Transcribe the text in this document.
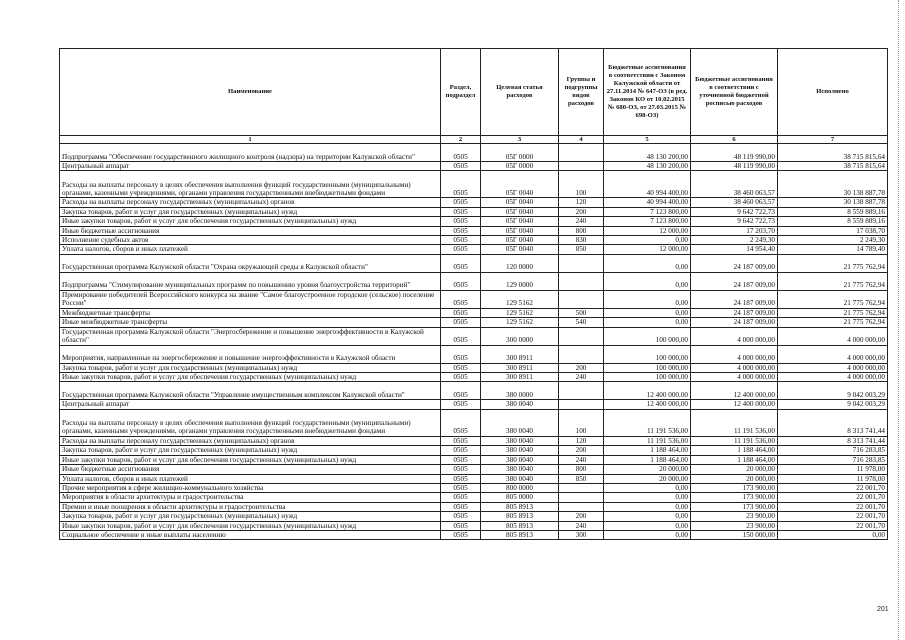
Наименование	Раздел, подраздел	Целевая статья расходов	Группы и подгруппы видов расходов	Бюджетные ассигнования в соответствии с Законом Калужской области от 27.11.2014 № 647-ОЗ (в ред. Законов КО от 10.02.2015 № 680-ОЗ, от 27.03.2015 № 698-ОЗ)	Бюджетные ассигнования в соответствии с уточненной бюджетной росписью расходов	Исполнено
1	2	3	4	5	6	7
Подпрограмма "Обеспечение государственного жилищного контроля (надзора) на территории Калужской области"	0505	05Г 0000		48 130 200,00	48 119 990,00	38 715 815,64
Центральный аппарат	0505	05Г 0000		48 130 200,00	48 119 990,00	38 715 815,64
Расходы на выплаты персоналу в целях обеспечения выполнения функций государственными (муниципальными) органами, казенными учреждениями, органами управления государственными внебюджетными фондами	0505	05Г 0040	100	40 994 400,00	38 460 063,57	30 138 887,78
Расходы на выплаты персоналу государственных (муниципальных) органов	0505	05Г 0040	120	40 994 400,00	38 460 063,57	30 138 887,78
Закупка товаров, работ и услуг для государственных (муниципальных) нужд	0505	05Г 0040	200	7 123 800,00	9 642 722,73	8 559 889,16
Иные закупки товаров, работ и услуг для обеспечения государственных (муниципальных) нужд	0505	05Г 0040	240	7 123 800,00	9 642 722,73	8 559 889,16
Иные бюджетные ассигнования	0505	05Г 0040	800	12 000,00	17 203,70	17 038,70
Исполнение судебных актов	0505	05Г 0040	830	0,00	2 249,30	2 249,30
Уплата налогов, сборов и иных платежей	0505	05Г 0040	850	12 000,00	14 954,40	14 789,40
Государственная программа Калужской области "Охрана окружающей среды в Калужской области"	0505	120 0000		0,00	24 187 009,00	21 775 762,94
Подпрограмма "Стимулирование муниципальных программ по повышению уровня благоустройства территорий"	0505	129 0000		0,00	24 187 009,00	21 775 762,94
Премирование победителей Всероссийского конкурса на звание "Самое благоустроенное городское (сельское) поселение России"	0505	129 5162		0,00	24 187 009,00	21 775 762,94
Межбюджетные трансферты	0505	129 5162	500	0,00	24 187 009,00	21 775 762,94
Иные межбюджетные трансферты	0505	129 5162	540	0,00	24 187 009,00	21 775 762,94
Государственная программа Калужской области "Энергосбережение и повышение энергоэффективности в Калужской области"	0505	300 0000		100 000,00	4 000 000,00	4 000 000,00
Мероприятия, направленные на энергосбережение и повышение энергоэффективности в Калужской области	0505	300 8911		100 000,00	4 000 000,00	4 000 000,00
Закупка товаров, работ и услуг для государственных (муниципальных) нужд	0505	300 8911	200	100 000,00	4 000 000,00	4 000 000,00
Иные закупки товаров, работ и услуг для обеспечения государственных (муниципальных) нужд	0505	300 8911	240	100 000,00	4 000 000,00	4 000 000,00
Государственная программа Калужской области "Управление имущественным комплексом Калужской области"	0505	380 0000		12 400 000,00	12 400 000,00	9 042 003,29
Центральный аппарат	0505	380 0040		12 400 000,00	12 400 000,00	9 042 003,29
Расходы на выплаты персоналу в целях обеспечения выполнения функций государственными (муниципальными) органами, казенными учреждениями, органами управления государственными внебюджетными фондами	0505	380 0040	100	11 191 536,00	11 191 536,00	8 313 741,44
Расходы на выплаты персоналу государственных (муниципальных) органов	0505	380 0040	120	11 191 536,00	11 191 536,00	8 313 741,44
Закупка товаров, работ и услуг для государственных (муниципальных) нужд	0505	380 0040	200	1 188 464,00	1 188 464,00	716 283,85
Иные закупки товаров, работ и услуг для обеспечения государственных (муниципальных) нужд	0505	380 0040	240	1 188 464,00	1 188 464,00	716 283,85
Иные бюджетные ассигнования	0505	380 0040	800	20 000,00	20 000,00	11 978,00
Уплата налогов, сборов и иных платежей	0505	380 0040	850	20 000,00	20 000,00	11 978,00
Прочие мероприятия в сфере жилищно-коммунального хозяйства	0505	800 0000		0,00	173 900,00	22 001,70
Мероприятия в области архитектуры и градостроительства	0505	805 0000		0,00	173 900,00	22 001,70
Премии и иные поощрения в области архитектуры и градостроительства	0505	805 8913		0,00	173 900,00	22 001,70
Закупка товаров, работ и услуг для государственных (муниципальных) нужд	0505	805 8913	200	0,00	23 900,00	22 001,70
Иные закупки товаров, работ и услуг для обеспечения государственных (муниципальных) нужд	0505	805 8913	240	0,00	23 900,00	22 001,70
Социальное обеспечение и иные выплаты населению	0505	805 8913	300	0,00	150 000,00	0,00
201
